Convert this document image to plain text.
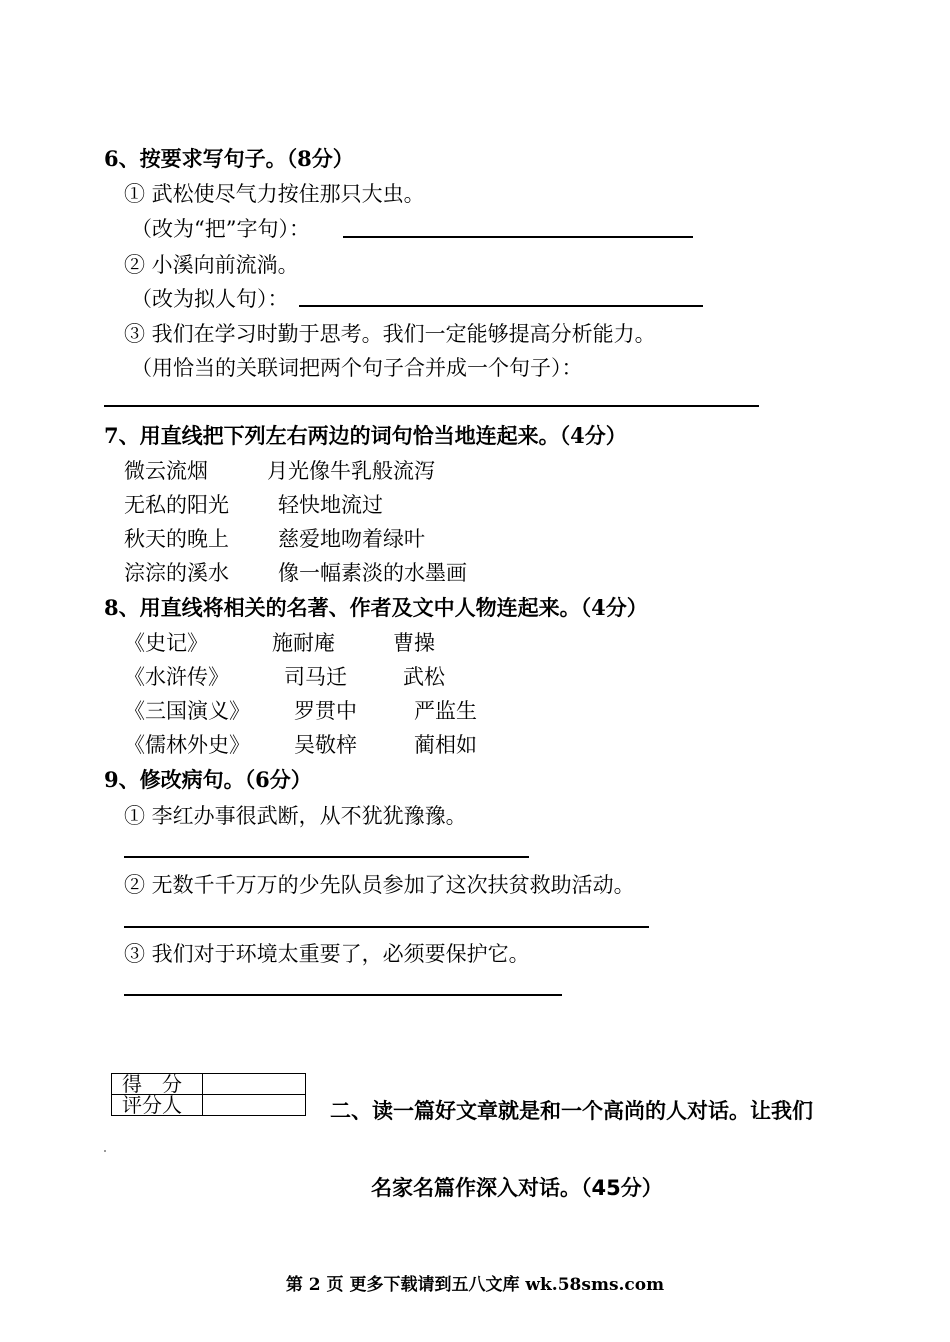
6、按要求写句子。（8分）
① 武松使尽气力按住那只大虫。
（改为“把”字句）：
② 小溪向前流淌。
（改为拟人句）：
③ 我们在学习时勤于思考。我们一定能够提高分析能力。
（用恰当的关联词把两个句子合并成一个句子）：
7、用直线把下列左右两边的词句恰当地连起来。（4分）
微云流烟	月光像牛乳般流泻
无私的阳光 轻快地流过
秋天的晚上 慈爱地吻着绿叶
淙淙的溪水 像一幅素淡的水墨画
8、用直线将相关的名著、作者及文中人物连起来。（4分）
《史记》	施耐庵	曹操
《水浒传》	司马迁	武松
《三国演义》 罗贯中	严监生
《儒林外史》 吴敬梓	蔺相如
9、修改病句。（6分）
① 李红办事很武断，从不犹犹豫豫。
② 无数千千万万的少先队员参加了这次扶贫救助活动。
③ 我们对于环境太重要了，必须要保护它。
得　分	
评分人		二、读一篇好文章就是和一个高尚的人对话。让我们
名家名篇作深入对话。（45分）
第 2 页 更多下载请到五八文库 wk.58sms.com
